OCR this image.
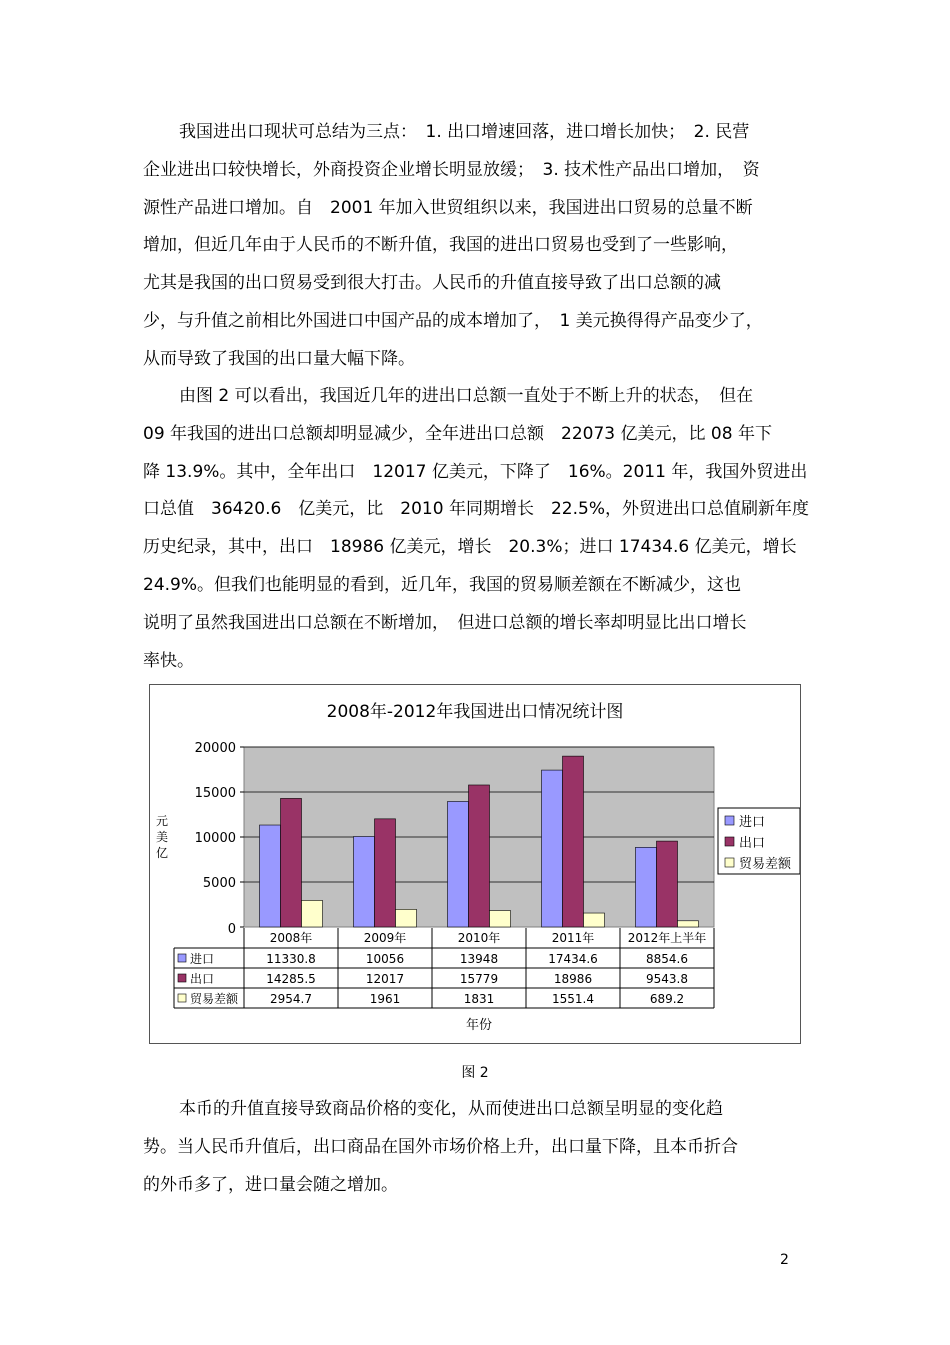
我国进出口现状可总结为三点：　1. 出口增速回落，进口增长加快；　2. 民营
企业进出口较快增长，外商投资企业增长明显放缓；　3. 技术性产品出口增加，　资
源性产品进口增加。自　2001 年加入世贸组织以来，我国进出口贸易的总量不断
增加，但近几年由于人民币的不断升值，我国的进出口贸易也受到了一些影响，
尤其是我国的出口贸易受到很大打击。人民币的升值直接导致了出口总额的减
少，与升值之前相比外国进口中国产品的成本增加了，　1 美元换得得产品变少了，
从而导致了我国的出口量大幅下降。
由图 2 可以看出，我国近几年的进出口总额一直处于不断上升的状态，　但在
09 年我国的进出口总额却明显减少，全年进出口总额　22073 亿美元，比 08 年下
降 13.9%。其中，全年出口　12017 亿美元，下降了　16%。2011 年，我国外贸进出
口总值　36420.6　亿美元，比　2010 年同期增长　22.5%，外贸进出口总值刷新年度
历史纪录，其中，出口　18986 亿美元，增长　20.3%；进口 17434.6 亿美元，增长
24.9%。但我们也能明显的看到，近几年，我国的贸易顺差额在不断减少，这也
说明了虽然我国进出口总额在不断增加，　但进口总额的增长率却明显比出口增长
率快。
2008年-2012年我国进出口情况统计图
0
5000
10000
15000
20000
元
美
亿
2008年	2009年	2010年	2011年	2012年上半年
进口	11330.8	10056	13948	17434.6	8854.6
出口	14285.5	12017	15779	18986	9543.8
贸易差额	2954.7	1961	1831	1551.4	689.2
年份
进口
出口
贸易差额
图 2
本币的升值直接导致商品价格的变化，从而使进出口总额呈明显的变化趋
势。当人民币升值后，出口商品在国外市场价格上升，出口量下降，且本币折合
的外币多了，进口量会随之增加。
2
